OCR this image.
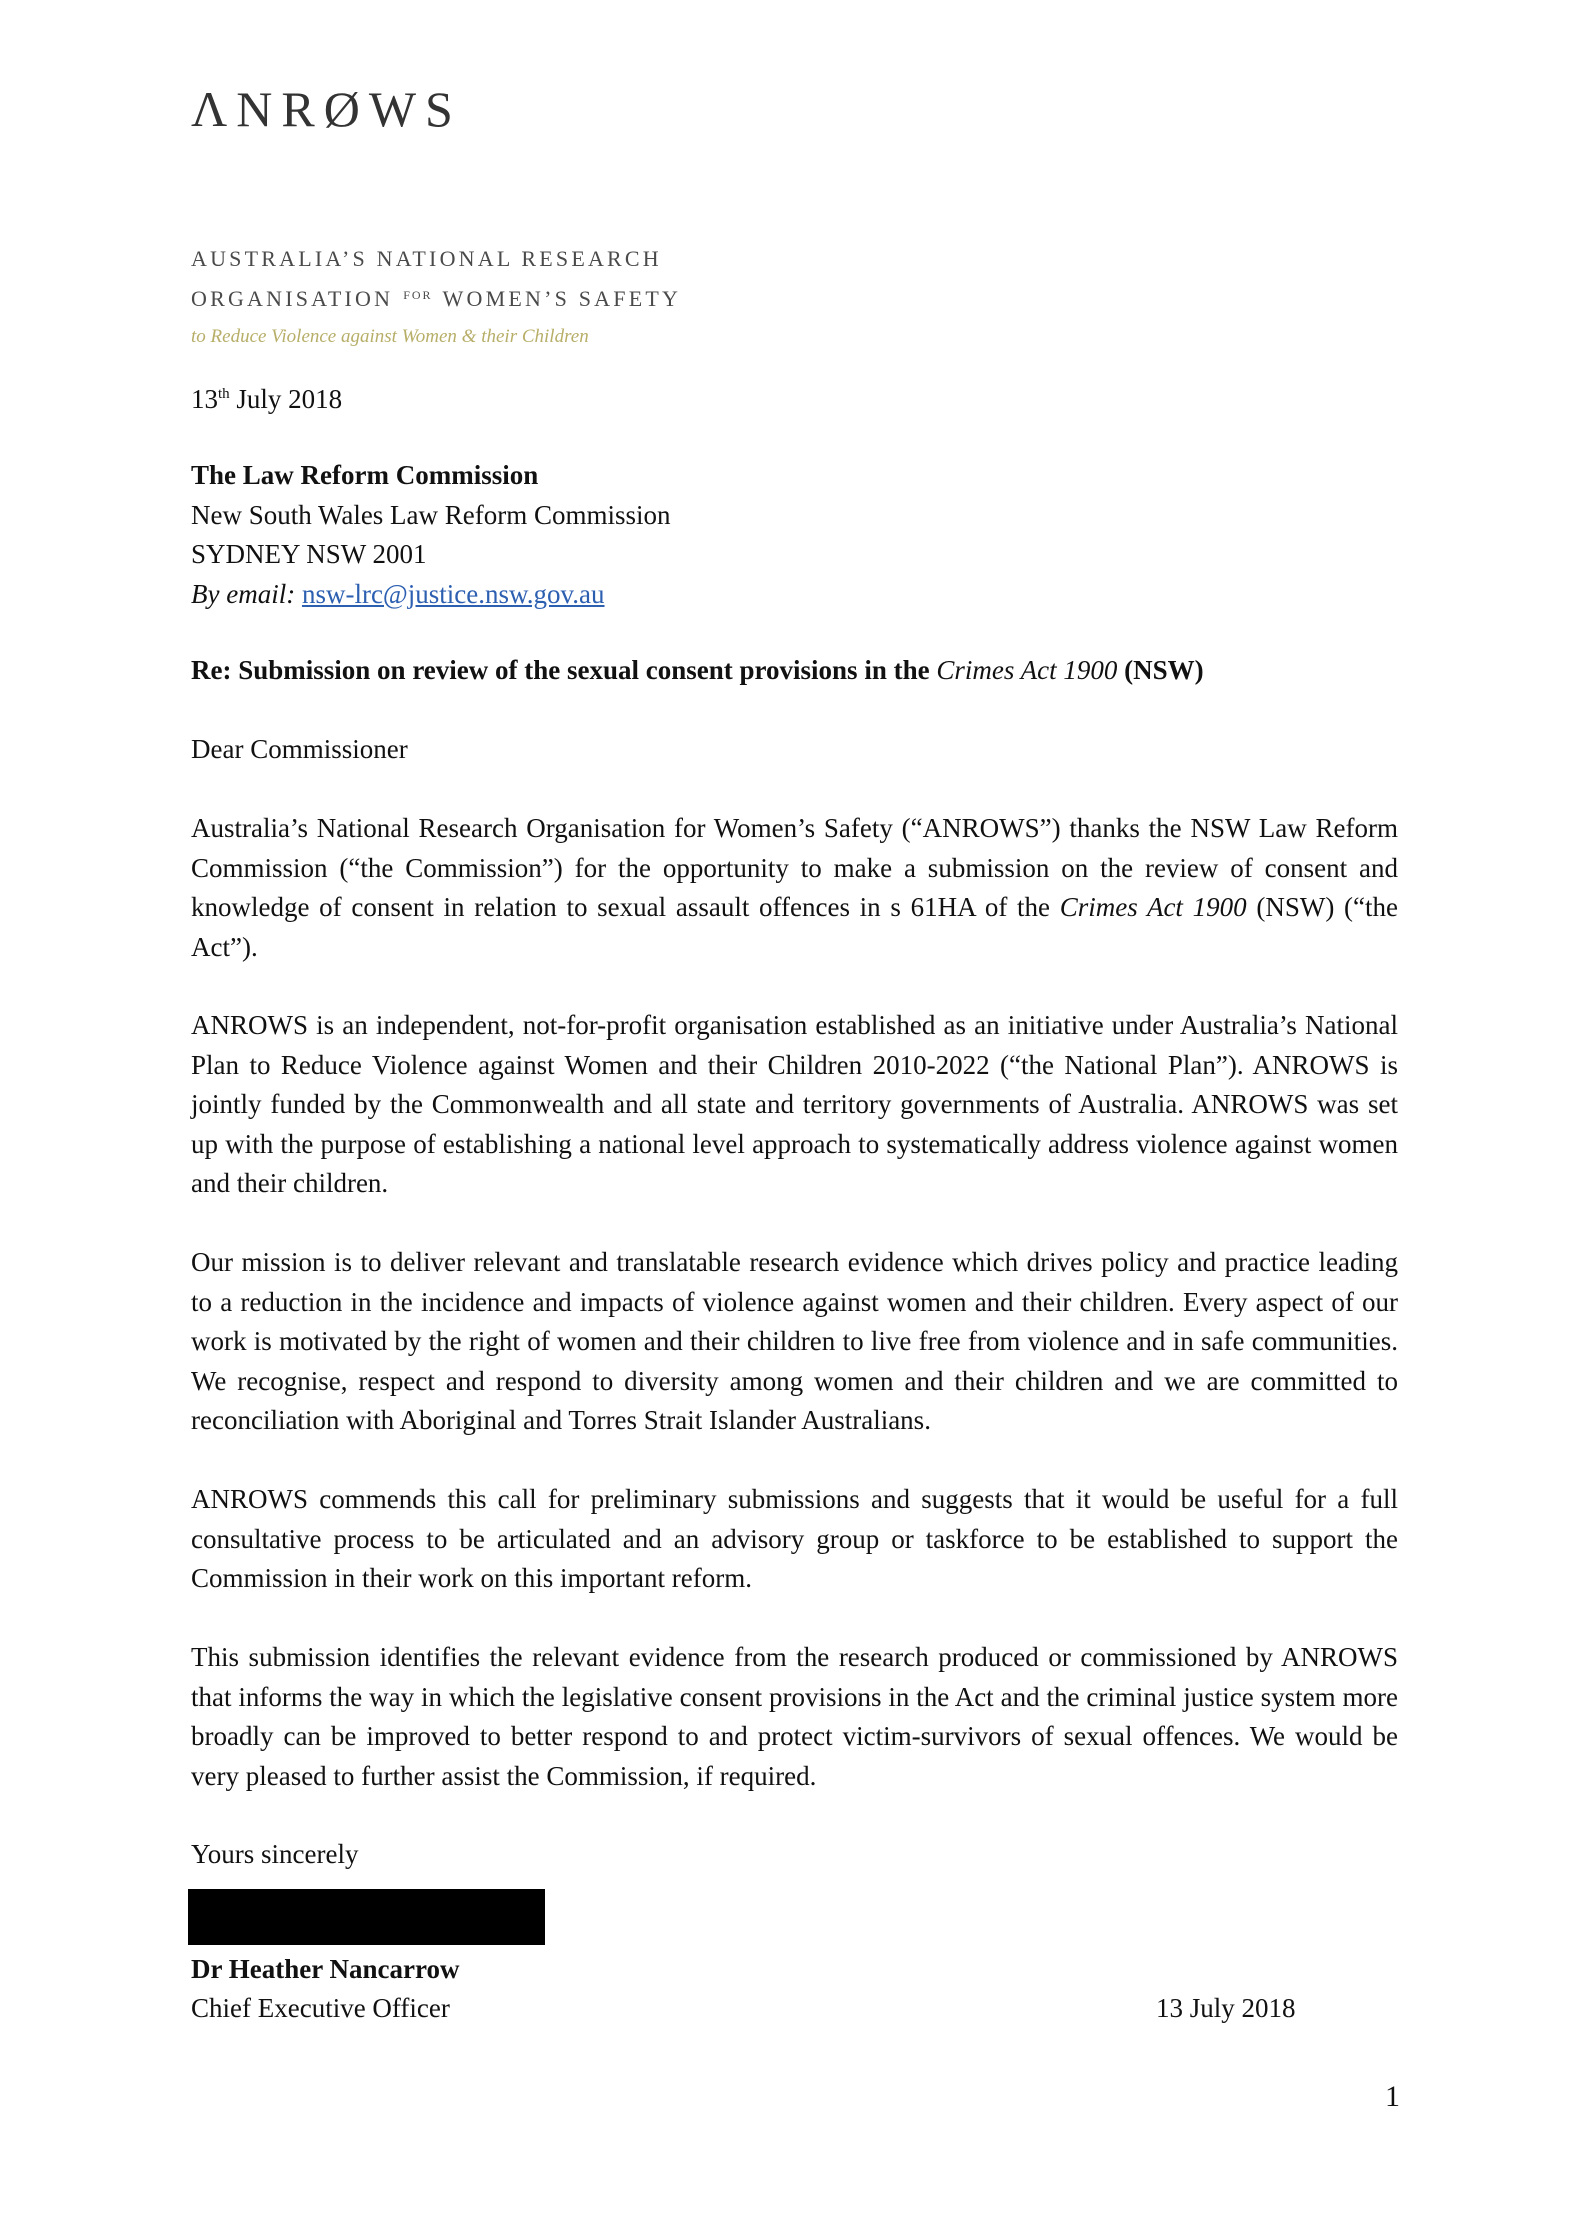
ΛNRØWS
AUSTRALIA’S NATIONAL RESEARCH
ORGANISATION $^{FOR}$ WOMEN’S SAFETY
to Reduce Violence against Women & their Children
13th July 2018
The Law Reform Commission
New South Wales Law Reform Commission
SYDNEY NSW 2001
By email: nsw-lrc@justice.nsw.gov.au
Re: Submission on review of the sexual consent provisions in the Crimes Act 1900 (NSW)
Dear Commissioner
Australia’s National Research Organisation for Women’s Safety (“ANROWS”) thanks the NSW Law Reform Commission (“the Commission”) for the opportunity to make a submission on the review of consent and knowledge of consent in relation to sexual assault offences in s 61HA of the Crimes Act 1900 (NSW) (“the Act”).
ANROWS is an independent, not-for-profit organisation established as an initiative under Australia’s National Plan to Reduce Violence against Women and their Children 2010-2022 (“the National Plan”). ANROWS is jointly funded by the Commonwealth and all state and territory governments of Australia. ANROWS was set up with the purpose of establishing a national level approach to systematically address violence against women and their children.
Our mission is to deliver relevant and translatable research evidence which drives policy and practice leading to a reduction in the incidence and impacts of violence against women and their children. Every aspect of our work is motivated by the right of women and their children to live free from violence and in safe communities. We recognise, respect and respond to diversity among women and their children and we are committed to reconciliation with Aboriginal and Torres Strait Islander Australians.
ANROWS commends this call for preliminary submissions and suggests that it would be useful for a full consultative process to be articulated and an advisory group or taskforce to be established to support the Commission in their work on this important reform.
This submission identifies the relevant evidence from the research produced or commissioned by ANROWS that informs the way in which the legislative consent provisions in the Act and the criminal justice system more broadly can be improved to better respond to and protect victim-survivors of sexual offences. We would be very pleased to further assist the Commission, if required.
Yours sincerely
Dr Heather Nancarrow
Chief Executive Officer	13 July 2018
1
